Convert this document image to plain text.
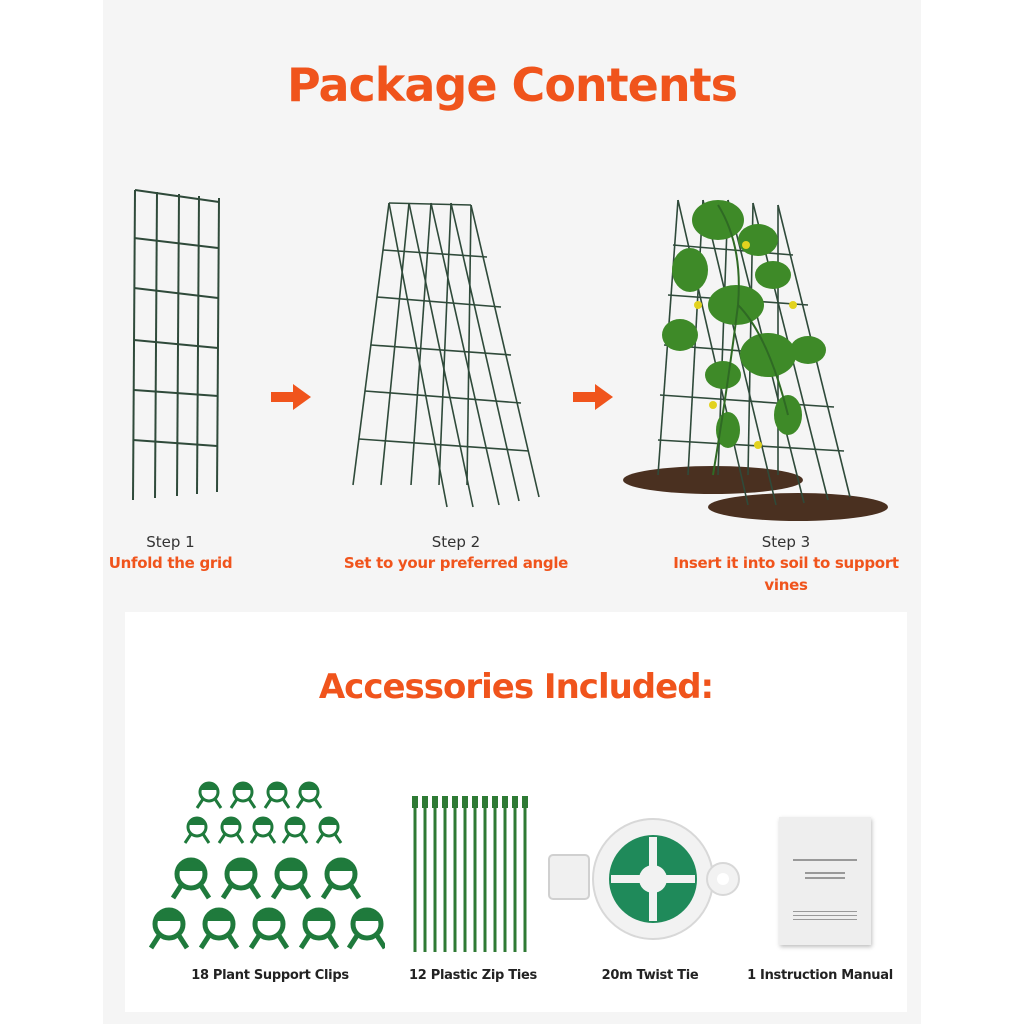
Package Contents
Step 1
Unfold the grid
Step 2
Set to your preferred angle
Step 3
Insert it into soil to support vines
Accessories Included:
18 Plant Support Clips	12 Plastic Zip Ties	20m Twist Tie	1 Instruction Manual
